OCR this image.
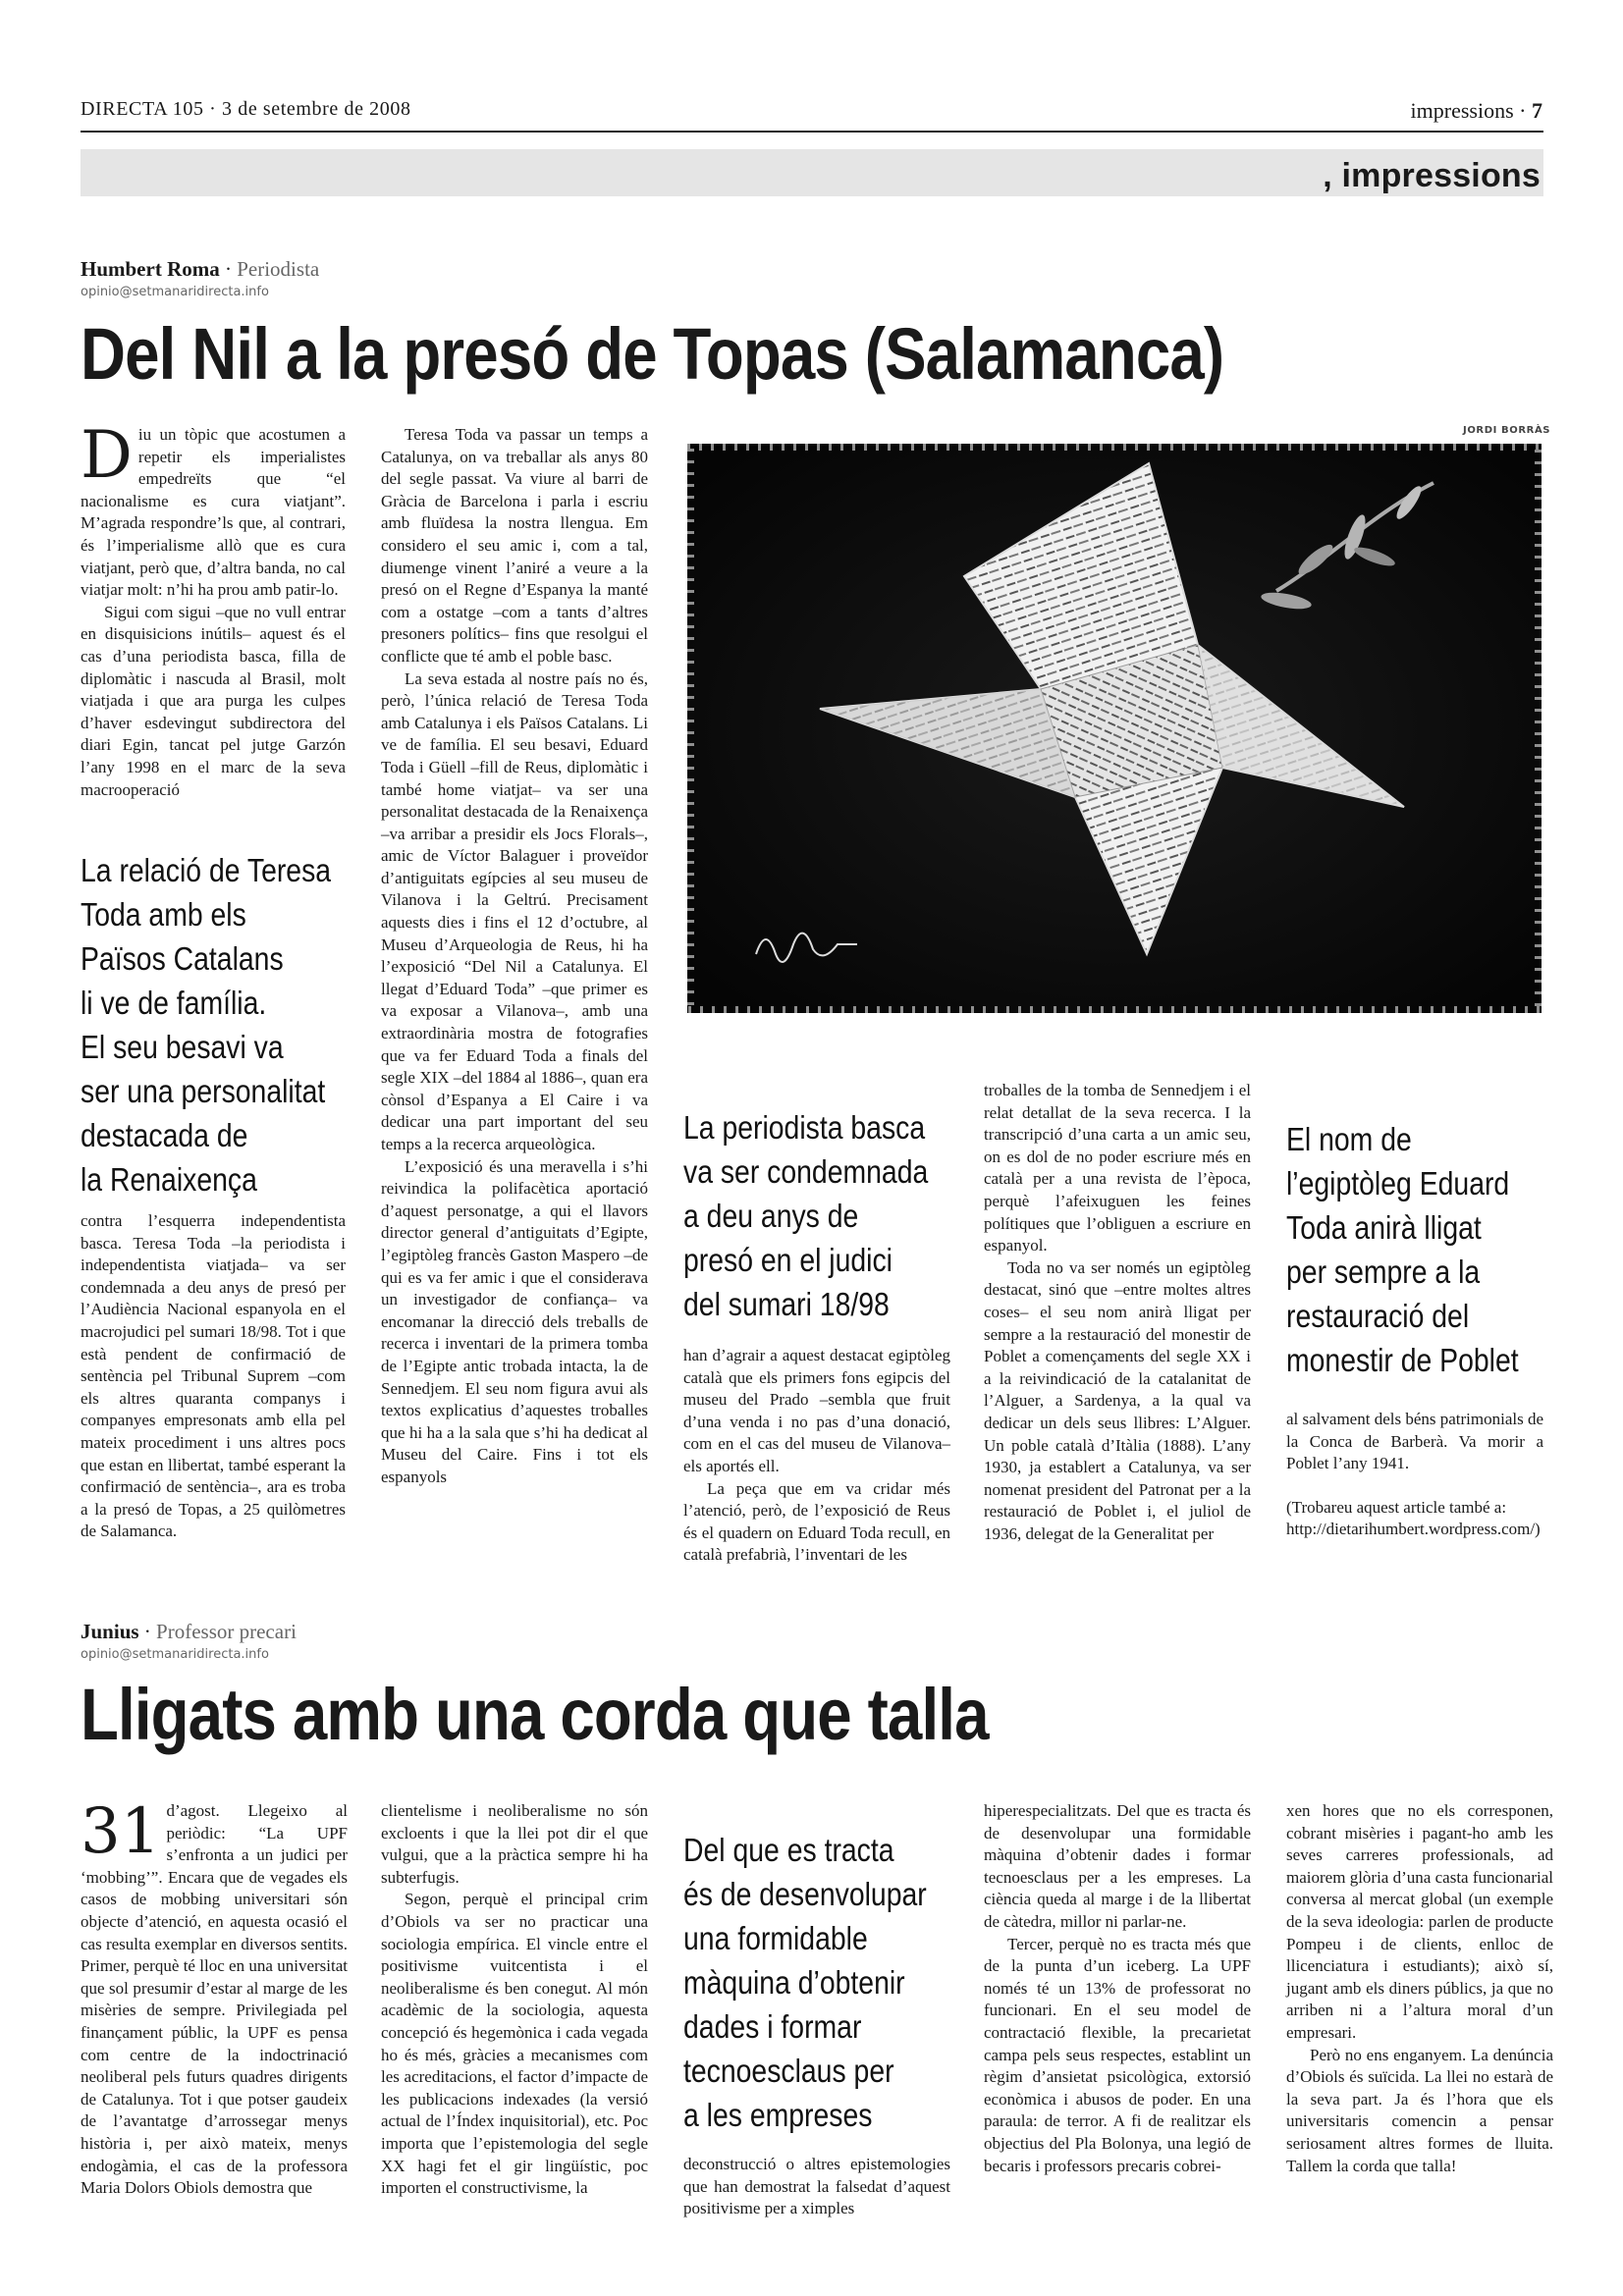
DIRECTA 105 · 3 de setembre de 2008	impressions · 7
, impressions
Humbert Roma · Periodista
opinio@setmanaridirecta.info
Del Nil a la presó de Topas (Salamanca)

Diu un tòpic que acostumen a repetir els imperialistes empedreïts que “el nacionalisme es cura viatjant”. M’agrada respondre’ls que, al contrari, és l’imperialisme allò que es cura viatjant, però que, d’altra banda, no cal viatjar molt: n’hi ha prou amb patir-lo.

Sigui com sigui –que no vull entrar en disquisicions inútils– aquest és el cas d’una periodista basca, filla de diplomàtic i nascuda al Brasil, molt viatjada i que ara purga les culpes d’haver esdevingut subdirectora del diari Egin, tancat pel jutge Garzón l’any 1998 en el marc de la seva macrooperació

La relació de Teresa
Toda amb els
Països Catalans
li ve de família.
El seu besavi va
ser una personalitat
destacada de
la Renaixença

contra l’esquerra independentista basca. Teresa Toda –la periodista i independentista viatjada– va ser condemnada a deu anys de presó per l’Audiència Nacional espanyola en el macrojudici pel sumari 18/98. Tot i que està pendent de confirmació de sentència pel Tribunal Suprem –com els altres quaranta companys i companyes empresonats amb ella pel mateix procediment i uns altres pocs que estan en llibertat, també esperant la confirmació de sentència–, ara es troba a la presó de Topas, a 25 quilòmetres de Salamanca.

Teresa Toda va passar un temps a Catalunya, on va treballar als anys 80 del segle passat. Va viure al barri de Gràcia de Barcelona i parla i escriu amb fluïdesa la nostra llengua. Em considero el seu amic i, com a tal, diumenge vinent l’aniré a veure a la presó on el Regne d’Espanya la manté com a ostatge –com a tants d’altres presoners polítics– fins que resolgui el conflicte que té amb el poble basc.

La seva estada al nostre país no és, però, l’única relació de Teresa Toda amb Catalunya i els Països Catalans. Li ve de família. El seu besavi, Eduard Toda i Güell –fill de Reus, diplomàtic i també home viatjat– va ser una personalitat destacada de la Renaixença –va arribar a presidir els Jocs Florals–, amic de Víctor Balaguer i proveïdor d’antiguitats egípcies al seu museu de Vilanova i la Geltrú. Precisament aquests dies i fins el 12 d’octubre, al Museu d’Arqueologia de Reus, hi ha l’exposició “Del Nil a Catalunya. El llegat d’Eduard Toda” –que primer es va exposar a Vilanova–, amb una extraordinària mostra de fotografies que va fer Eduard Toda a finals del segle XIX –del 1884 al 1886–, quan era cònsol d’Espanya a El Caire i va dedicar una part important del seu temps a la recerca arqueològica.

L’exposició és una meravella i s’hi reivindica la polifacètica aportació d’aquest personatge, a qui el llavors director general d’antiguitats d’Egipte, l’egiptòleg francès Gaston Maspero –de qui es va fer amic i que el considerava un investigador de confiança– va encomanar la direcció dels treballs de recerca i inventari de la primera tomba de l’Egipte antic trobada intacta, la de Sennedjem. El seu nom figura avui als textos explicatius d’aquestes troballes que hi ha a la sala que s’hi ha dedicat al Museu del Caire. Fins i tot els espanyols

JORDI BORRÀS
La periodista basca
va ser condemnada
a deu anys de
presó en el judici
del sumari 18/98

han d’agrair a aquest destacat egiptòleg català que els primers fons egipcis del museu del Prado –sembla que fruit d’una venda i no pas d’una donació, com en el cas del museu de Vilanova– els aportés ell.

La peça que em va cridar més l’atenció, però, de l’exposició de Reus és el quadern on Eduard Toda recull, en català prefabrià, l’inventari de les

troballes de la tomba de Sennedjem i el relat detallat de la seva recerca. I la transcripció d’una carta a un amic seu, on es dol de no poder escriure més en català per a una revista de l’època, perquè l’afeixuguen les feines polítiques que l’obliguen a escriure en espanyol.

Toda no va ser només un egiptòleg destacat, sinó que –entre moltes altres coses– el seu nom anirà lligat per sempre a la restauració del monestir de Poblet a començaments del segle XX i a la reivindicació de la catalanitat de l’Alguer, a Sardenya, a la qual va dedicar un dels seus llibres: L’Alguer. Un poble català d’Itàlia (1888). L’any 1930, ja establert a Catalunya, va ser nomenat president del Patronat per a la restauració de Poblet i, el juliol de 1936, delegat de la Generalitat per

El nom de
l’egiptòleg Eduard
Toda anirà lligat
per sempre a la
restauració del
monestir de Poblet

al salvament dels béns patrimonials de la Conca de Barberà. Va morir a Poblet l’any 1941.

(Trobareu aquest article també a: http://dietarihumbert.wordpress.com/)

Junius · Professor precari
opinio@setmanaridirecta.info
Lligats amb una corda que talla

31 d’agost. Llegeixo al periòdic: “La UPF s’enfronta a un judici per ‘mobbing’”. Encara que de vegades els casos de mobbing universitari són objecte d’atenció, en aquesta ocasió el cas resulta exemplar en diversos sentits. Primer, perquè té lloc en una universitat que sol presumir d’estar al marge de les misèries de sempre. Privilegiada pel finançament públic, la UPF es pensa com centre de la indoctrinació neoliberal pels futurs quadres dirigents de Catalunya. Tot i que potser gaudeix de l’avantatge d’arrossegar menys història i, per això mateix, menys endogàmia, el cas de la professora Maria Dolors Obiols demostra que

clientelisme i neoliberalisme no són excloents i que la llei pot dir el que vulgui, que a la pràctica sempre hi ha subterfugis.

Segon, perquè el principal crim d’Obiols va ser no practicar una sociologia empírica. El vincle entre el positivisme vuitcentista i el neoliberalisme és ben conegut. Al món acadèmic de la sociologia, aquesta concepció és hegemònica i cada vegada ho és més, gràcies a mecanismes com les acreditacions, el factor d’impacte de les publicacions indexades (la versió actual de l’Índex inquisitorial), etc. Poc importa que l’epistemologia del segle XX hagi fet el gir lingüístic, poc importen el constructivisme, la

Del que es tracta
és de desenvolupar
una formidable
màquina d’obtenir
dades i formar
tecnoesclaus per
a les empreses

deconstrucció o altres epistemologies que han demostrat la falsedat d’aquest positivisme per a ximples

hiperespecialitzats. Del que es tracta és de desenvolupar una formidable màquina d’obtenir dades i formar tecnoesclaus per a les empreses. La ciència queda al marge i de la llibertat de càtedra, millor ni parlar-ne.

Tercer, perquè no es tracta més que de la punta d’un iceberg. La UPF només té un 13% de professorat no funcionari. En el seu model de contractació flexible, la precarietat campa pels seus respectes, establint un règim d’ansietat psicològica, extorsió econòmica i abusos de poder. En una paraula: de terror. A fi de realitzar els objectius del Pla Bolonya, una legió de becaris i professors precaris cobrei-

xen hores que no els corresponen, cobrant misèries i pagant-ho amb les seves carreres professionals, ad maiorem glòria d’una casta funcionarial conversa al mercat global (un exemple de la seva ideologia: parlen de producte Pompeu i de clients, enlloc de llicenciatura i estudiants); això sí, jugant amb els diners públics, ja que no arriben ni a l’altura moral d’un empresari.

Però no ens enganyem. La denúncia d’Obiols és suïcida. La llei no estarà de la seva part. Ja és l’hora que els universitaris comencin a pensar seriosament altres formes de lluita. Tallem la corda que talla!
